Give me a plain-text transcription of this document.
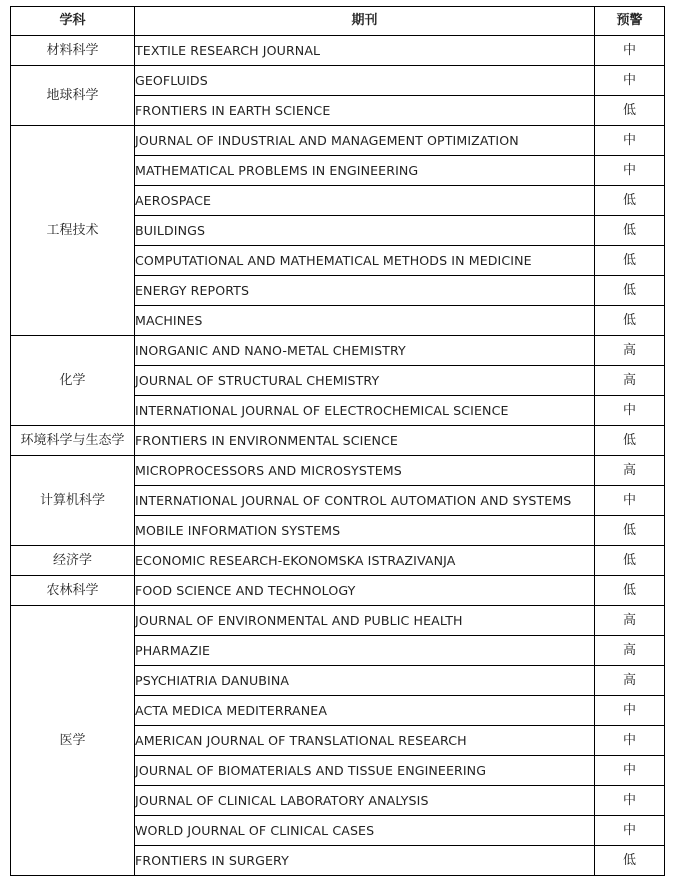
学科	期刊	预警
材料科学	TEXTILE RESEARCH JOURNAL	中
地球科学	GEOFLUIDS	中
	FRONTIERS IN EARTH SCIENCE	低
工程技术	JOURNAL OF INDUSTRIAL AND MANAGEMENT OPTIMIZATION	中
	MATHEMATICAL PROBLEMS IN ENGINEERING	中
	AEROSPACE	低
	BUILDINGS	低
	COMPUTATIONAL AND MATHEMATICAL METHODS IN MEDICINE	低
	ENERGY REPORTS	低
	MACHINES	低
化学	INORGANIC AND NANO-METAL CHEMISTRY	高
	JOURNAL OF STRUCTURAL CHEMISTRY	高
	INTERNATIONAL JOURNAL OF ELECTROCHEMICAL SCIENCE	中
环境科学与生态学	FRONTIERS IN ENVIRONMENTAL SCIENCE	低
计算机科学	MICROPROCESSORS AND MICROSYSTEMS	高
	INTERNATIONAL JOURNAL OF CONTROL AUTOMATION AND SYSTEMS	中
	MOBILE INFORMATION SYSTEMS	低
经济学	ECONOMIC RESEARCH-EKONOMSKA ISTRAZIVANJA	低
农林科学	FOOD SCIENCE AND TECHNOLOGY	低
医学	JOURNAL OF ENVIRONMENTAL AND PUBLIC HEALTH	高
	PHARMAZIE	高
	PSYCHIATRIA DANUBINA	高
	ACTA MEDICA MEDITERRANEA	中
	AMERICAN JOURNAL OF TRANSLATIONAL RESEARCH	中
	JOURNAL OF BIOMATERIALS AND TISSUE ENGINEERING	中
	JOURNAL OF CLINICAL LABORATORY ANALYSIS	中
	WORLD JOURNAL OF CLINICAL CASES	中
	FRONTIERS IN SURGERY	低
